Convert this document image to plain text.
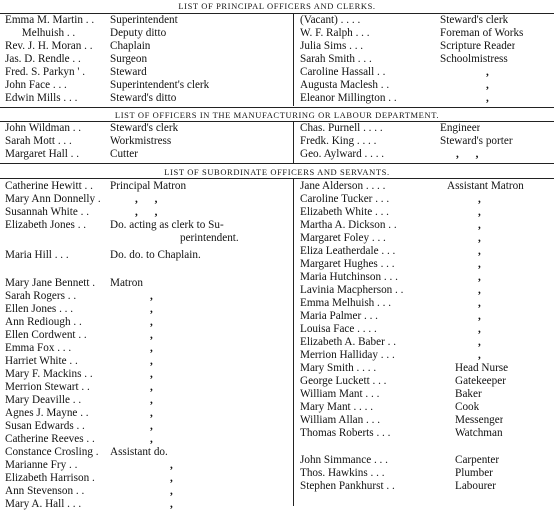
LIST OF PRINCIPAL OFFICERS AND CLERKS.
Emma M. Martin . . Superintendent	(Vacant) . . . .	Steward's clerk
Melhuish . .	Deputy ditto	W. F. Ralph . . .	Foreman of Works
Rev. J. H. Moran . . Chaplain	Julia Sims . . .	Scripture Reader
Jas. D. Rendle . .	Surgeon	Sarah Smith . . .	Schoolmistress
Fred. S. Parkyn ' . Steward	Caroline Hassall . .	,
John Face . . .	Superintendent's clerk	Augusta Maclesh . .	,
Edwin Mills . . .	Steward's ditto	Eleanor Millington . .	,
LIST OF OFFICERS IN THE MANUFACTURING OR LABOUR DEPARTMENT.
John Wildman . .	Steward's clerk	Chas. Purnell . . . .	Engineer
Sarah Mott . . .	Workmistress	Fredk. King . . . .	Steward's porter
Margaret Hall . .	Cutter	Geo. Aylward . . . .	,      ,
LIST OF SUBORDINATE OFFICERS AND SERVANTS.
Catherine Hewitt . . Principal Matron
Mary Ann Donnelly .	,      ,
Susannah White . .	,      ,
Elizabeth Jones . . Do. acting as clerk to Su-
perintendent.
Maria Hill . . .	Do. do. to Chaplain.
Mary Jane Bennett . Matron
Sarah Rogers . .	,
Ellen Jones . . .	,
Ann Rediough . .	,
Ellen Cordwent . .	,
Emma Fox . . .	,
Harriet White . .	,
Mary F. Mackins . .	,
Merrion Stewart . .	,
Mary Deaville . .	,
Agnes J. Mayne . .	,
Susan Edwards . .	,
Catherine Reeves . .	,
Constance Crosling . Assistant do.
Marianne Fry . .	,
Elizabeth Harrison .	,
Ann Stevenson . .	,
Mary A. Hall . . .	,
Jane Alderson . . . .	Assistant Matron
Caroline Tucker . . .	,
Elizabeth White . . .	,
Martha A. Dickson . .	,
Margaret Foley . . .	,
Eliza Leatherdale . . .	,
Margaret Hughes . . .	,
Maria Hutchinson . . .	,
Lavinia Macpherson . .	,
Emma Melhuish . . .	,
Maria Palmer . . .	,
Louisa Face . . . .	,
Elizabeth A. Baber . .	,
Merrion Halliday . . .	,
Mary Smith . . . .	Head Nurse
George Luckett . . .	Gatekeeper
William Mant . . .	Baker
Mary Mant . . . .	Cook
William Allan . . .	Messenger
Thomas Roberts . . .	Watchman
John Simmance . . .	Carpenter
Thos. Hawkins . . .	Plumber
Stephen Pankhurst . .	Labourer
